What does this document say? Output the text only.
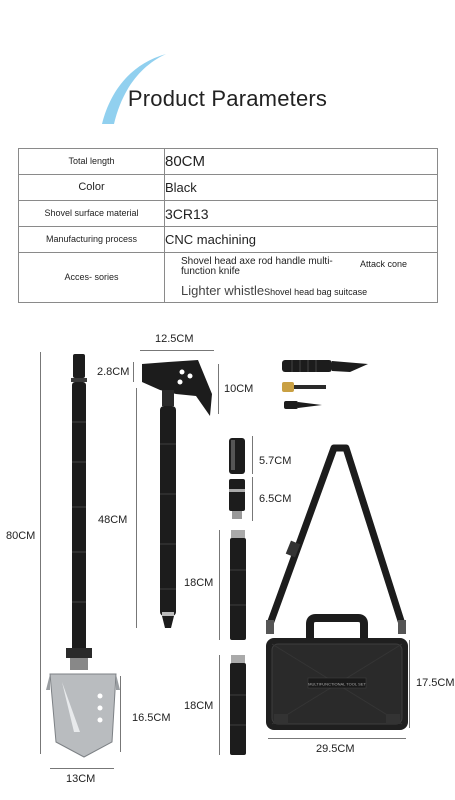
Product Parameters
Total length	80CM
Color	Black
Shovel surface material	3CR13
Manufacturing process	CNC machining
Acces- sories	Shovel head axe rod handle multi-function knife
Attack cone
Lighter whistleShovel head bag suitcase
80CM
48CM
2.8CM
12.5CM
10CM
16.5CM
13CM
5.7CM
6.5CM
18CM
18CM
17.5CM
29.5CM
MULTIFUNCTIONAL TOOL SET
